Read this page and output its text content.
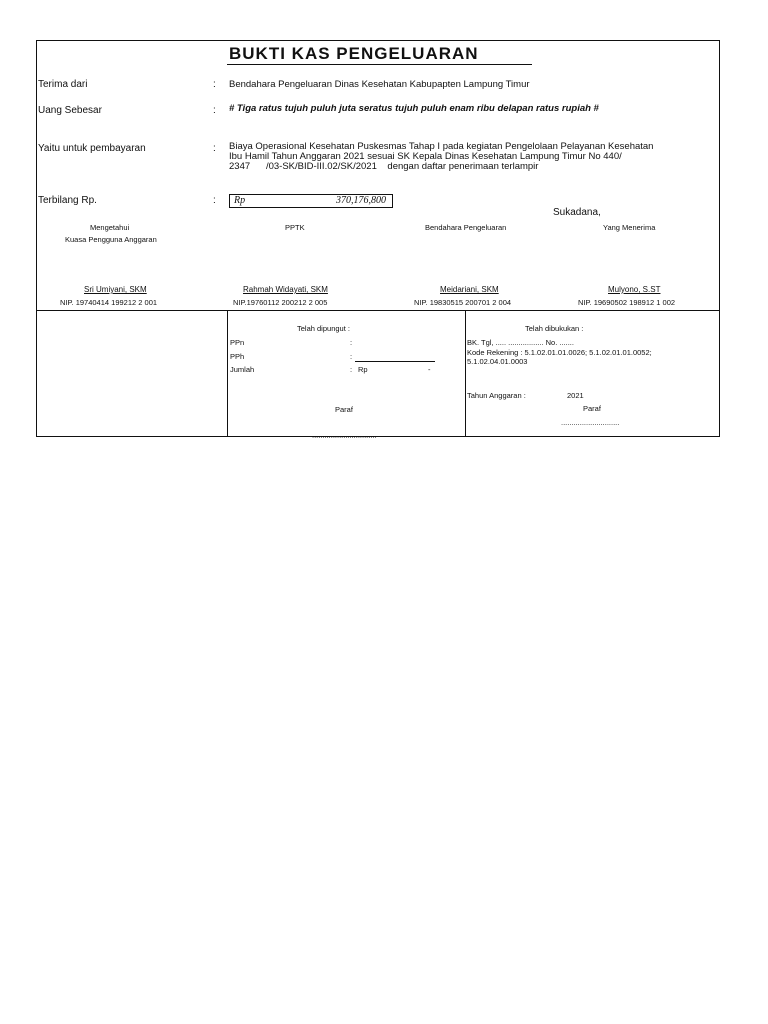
BUKTI KAS PENGELUARAN
Terima dari	: Bendahara Pengeluaran Dinas Kesehatan Kabupapten Lampung Timur
Uang Sebesar	: # Tiga ratus tujuh puluh juta seratus tujuh puluh enam ribu delapan ratus rupiah #
Yaitu untuk pembayaran	: Biaya Operasional Kesehatan Puskesmas Tahap I pada kegiatan Pengelolaan Pelayanan Kesehatan
Ibu Hamil Tahun Anggaran 2021 sesuai SK Kepala Dinas Kesehatan Lampung Timur No 440/
2347      /03-SK/BID-III.02/SK/2021    dengan daftar penerimaan terlampir
Terbilang Rp.	: Rp	370,176,800
Sukadana,
Mengetahui
Kuasa Pengguna Anggaran
PPTK	Bendahara Pengeluaran	Yang Menerima
Sri Umiyani, SKM	Rahmah Widayati, SKM	Meidariani, SKM	Mulyono, S.ST
NIP. 19740414 199212 2 001	NIP.19760112 200212 2 005	NIP. 19830515 200701 2 004	NIP. 19690502 198912 1 002
Telah dipungut :
PPn	:
PPh	:
Jumlah	: Rp	-
Paraf
...............................
Telah dibukukan :
BK. Tgl, ..... ................. No. .......
Kode Rekening : 5.1.02.01.01.0026; 5.1.02.01.01.0052;
5.1.02.04.01.0003
Tahun Anggaran :	2021
Paraf
............................
